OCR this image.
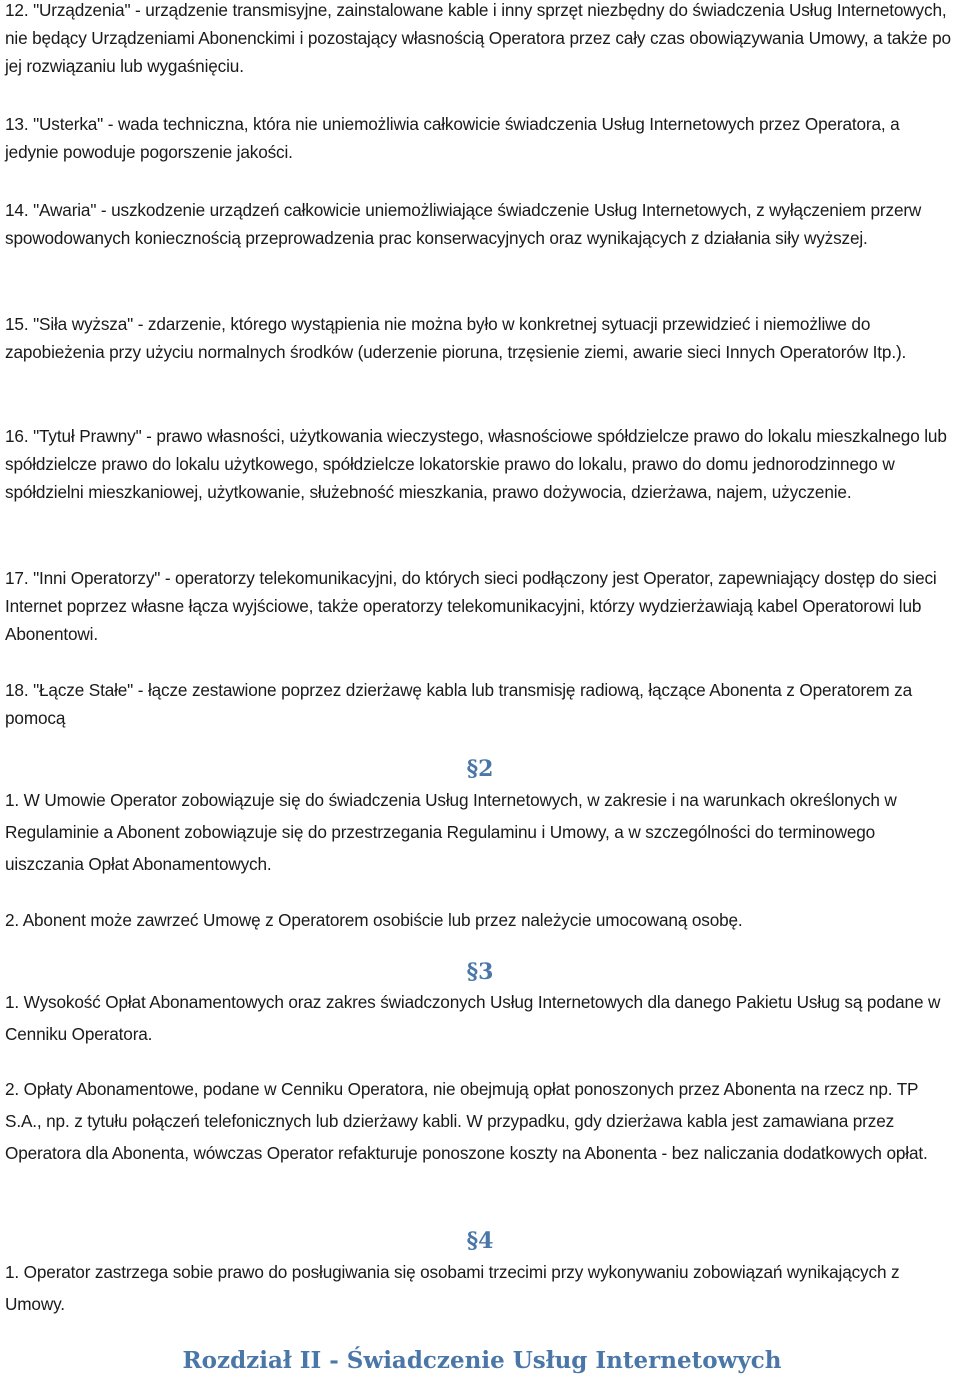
12. "Urządzenia" - urządzenie transmisyjne, zainstalowane kable i inny sprzęt niezbędny do świadczenia Usług Internetowych, nie będący Urządzeniami Abonenckimi i pozostający własnością Operatora przez cały czas obowiązywania Umowy, a także po jej rozwiązaniu lub wygaśnięciu.

13. "Usterka" - wada techniczna, która nie uniemożliwia całkowicie świadczenia Usług Internetowych przez Operatora, a jedynie powoduje pogorszenie jakości.

14. "Awaria" - uszkodzenie urządzeń całkowicie uniemożliwiające świadczenie Usług Internetowych, z wyłączeniem przerw spowodowanych koniecznością przeprowadzenia prac konserwacyjnych oraz wynikających z działania siły wyższej.

15. "Siła wyższa" - zdarzenie, którego wystąpienia nie można było w konkretnej sytuacji przewidzieć i niemożliwe do zapobieżenia przy użyciu normalnych środków (uderzenie pioruna, trzęsienie ziemi, awarie sieci Innych Operatorów Itp.).

16. "Tytuł Prawny" - prawo własności, użytkowania wieczystego, własnościowe spółdzielcze prawo do lokalu mieszkalnego lub spółdzielcze prawo do lokalu użytkowego, spółdzielcze lokatorskie prawo do lokalu, prawo do domu jednorodzinnego w spółdzielni mieszkaniowej, użytkowanie, służebność mieszkania, prawo dożywocia, dzierżawa, najem, użyczenie.

17. "Inni Operatorzy" - operatorzy telekomunikacyjni, do których sieci podłączony jest Operator, zapewniający dostęp do sieci Internet poprzez własne łącza wyjściowe, także operatorzy telekomunikacyjni, którzy wydzierżawiają kabel Operatorowi lub Abonentowi.

18. "Łącze Stałe" - łącze zestawione poprzez dzierżawę kabla lub transmisję radiową, łączące Abonenta z Operatorem za pomocą

§2

1. W Umowie Operator zobowiązuje się do świadczenia Usług Internetowych, w zakresie i na warunkach określonych w Regulaminie a Abonent zobowiązuje się do przestrzegania Regulaminu i Umowy, a w szczególności do terminowego uiszczania Opłat Abonamentowych.

2. Abonent może zawrzeć Umowę z Operatorem osobiście lub przez należycie umocowaną osobę.

§3

1. Wysokość Opłat Abonamentowych oraz zakres świadczonych Usług Internetowych dla danego Pakietu Usług są podane w Cenniku Operatora.

2. Opłaty Abonamentowe, podane w Cenniku Operatora, nie obejmują opłat ponoszonych przez Abonenta na rzecz np. TP S.A., np. z tytułu połączeń telefonicznych lub dzierżawy kabli. W przypadku, gdy dzierżawa kabla jest zamawiana przez Operatora dla Abonenta, wówczas Operator refakturuje ponoszone koszty na Abonenta - bez naliczania dodatkowych opłat.

§4

1. Operator zastrzega sobie prawo do posługiwania się osobami trzecimi przy wykonywaniu zobowiązań wynikających z Umowy.

Rozdział II - Świadczenie Usług Internetowych
